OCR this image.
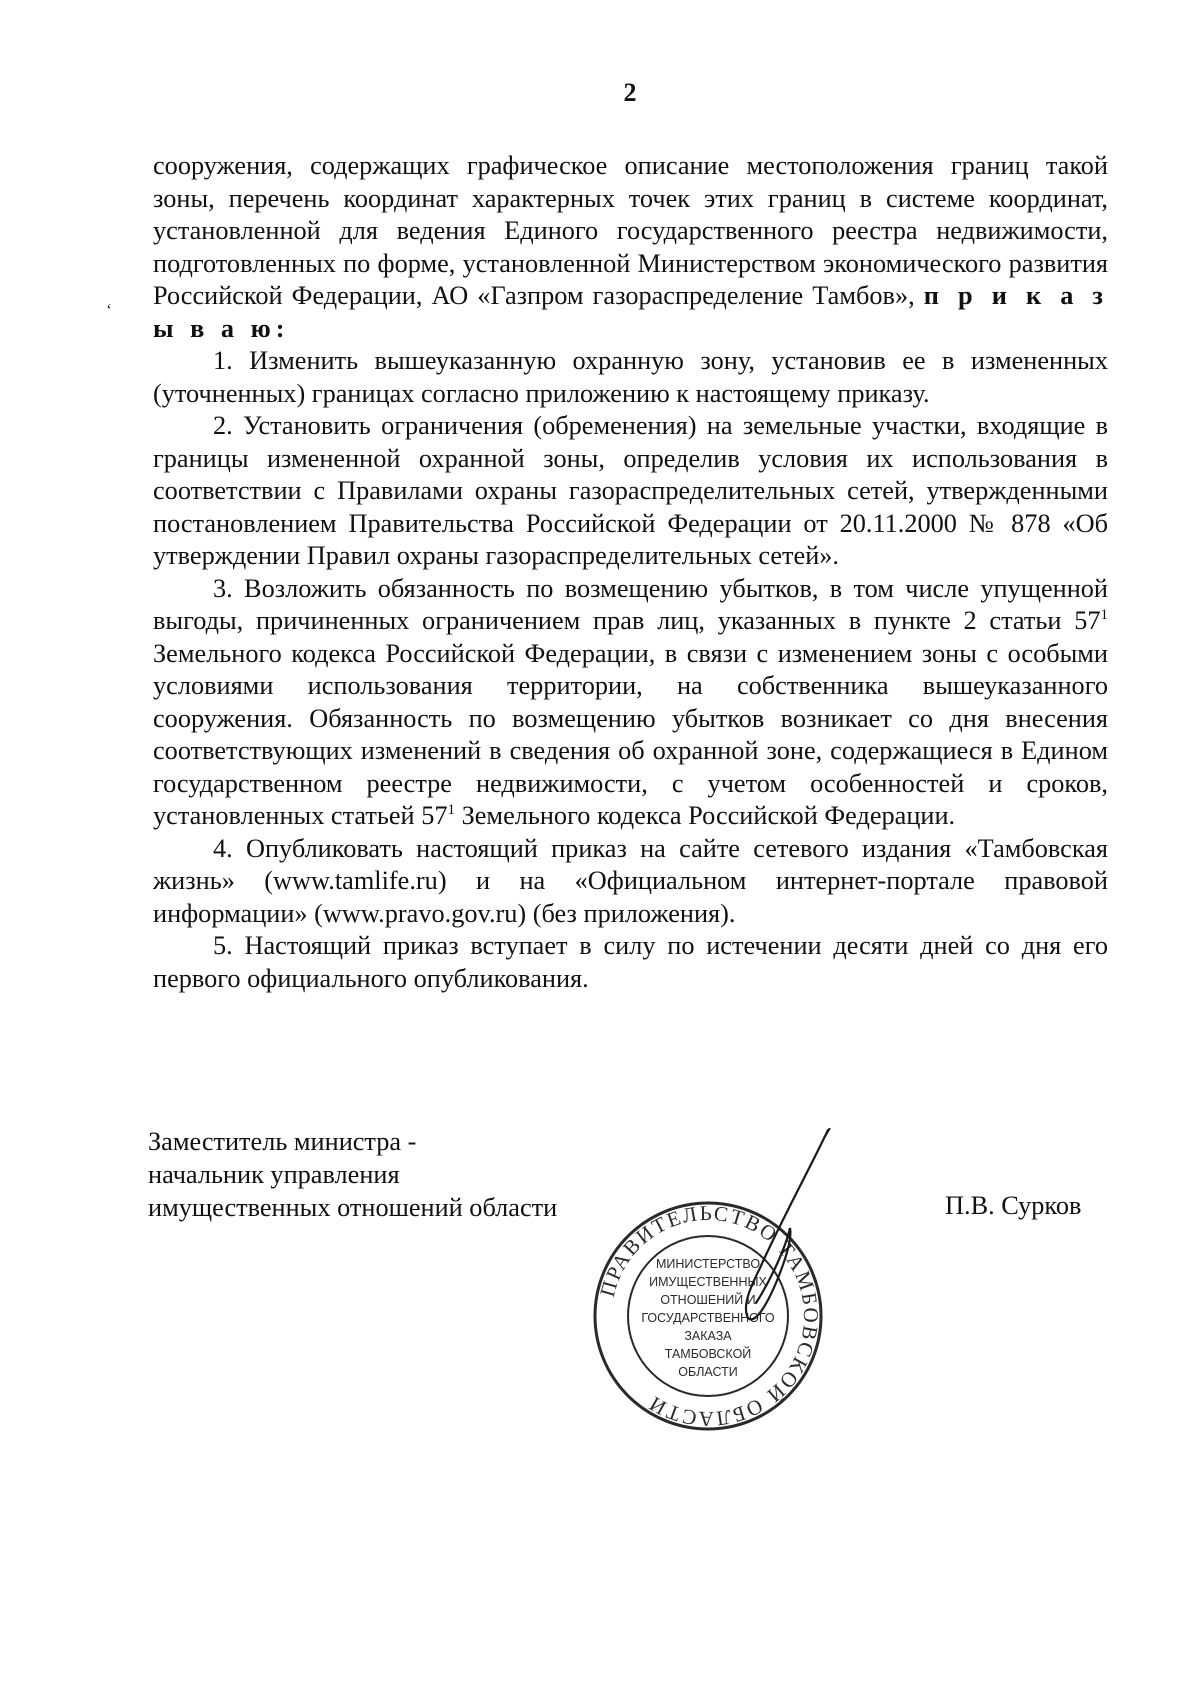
2
‘

сооружения, содержащих графическое описание местоположения границ такой зоны, перечень координат характерных точек этих границ в системе координат, установленной для ведения Единого государственного реестра недвижимости, подготовленных по форме, установленной Министерством экономического развития Российской Федерации, АО «Газпром газораспределение Тамбов», п р и к а з ы в а ю:

1. Изменить вышеуказанную охранную зону, установив ее в измененных (уточненных) границах согласно приложению к настоящему приказу.

2. Установить ограничения (обременения) на земельные участки, входящие в границы измененной охранной зоны, определив условия их использования в соответствии с Правилами охраны газораспределительных сетей, утвержденными постановлением Правительства Российской Федерации от 20.11.2000 № 878 «Об утверждении Правил охраны газораспределительных сетей».

3. Возложить обязанность по возмещению убытков, в том числе упущенной выгоды, причиненных ограничением прав лиц, указанных в пункте 2 статьи $57^1$ Земельного кодекса Российской Федерации, в связи с изменением зоны с особыми условиями использования территории, на собственника вышеуказанного сооружения. Обязанность по возмещению убытков возникает со дня внесения соответствующих изменений в сведения об охранной зоне, содержащиеся в Едином государственном реестре недвижимости, с учетом особенностей и сроков, установленных статьей $57^1$ Земельного кодекса Российской Федерации.

4. Опубликовать настоящий приказ на сайте сетевого издания «Тамбовская жизнь» (www.tamlife.ru) и на «Официальном интернет-портале правовой информации» (www.pravo.gov.ru) (без приложения).

5. Настоящий приказ вступает в силу по истечении десяти дней со дня его первого официального опубликования.

Заместитель министра -
начальник управления
имущественных отношений области	П.В. Сурков
ПРАВИТЕЛЬСТВО ТАМБОВСКОЙ ОБЛАСТИ
МИНИСТЕРСТВО
ИМУЩЕСТВЕННЫХ
ОТНОШЕНИЙ И
ГОСУДАРСТВЕННОГО
ЗАКАЗА
ТАМБОВСКОЙ
ОБЛАСТИ
